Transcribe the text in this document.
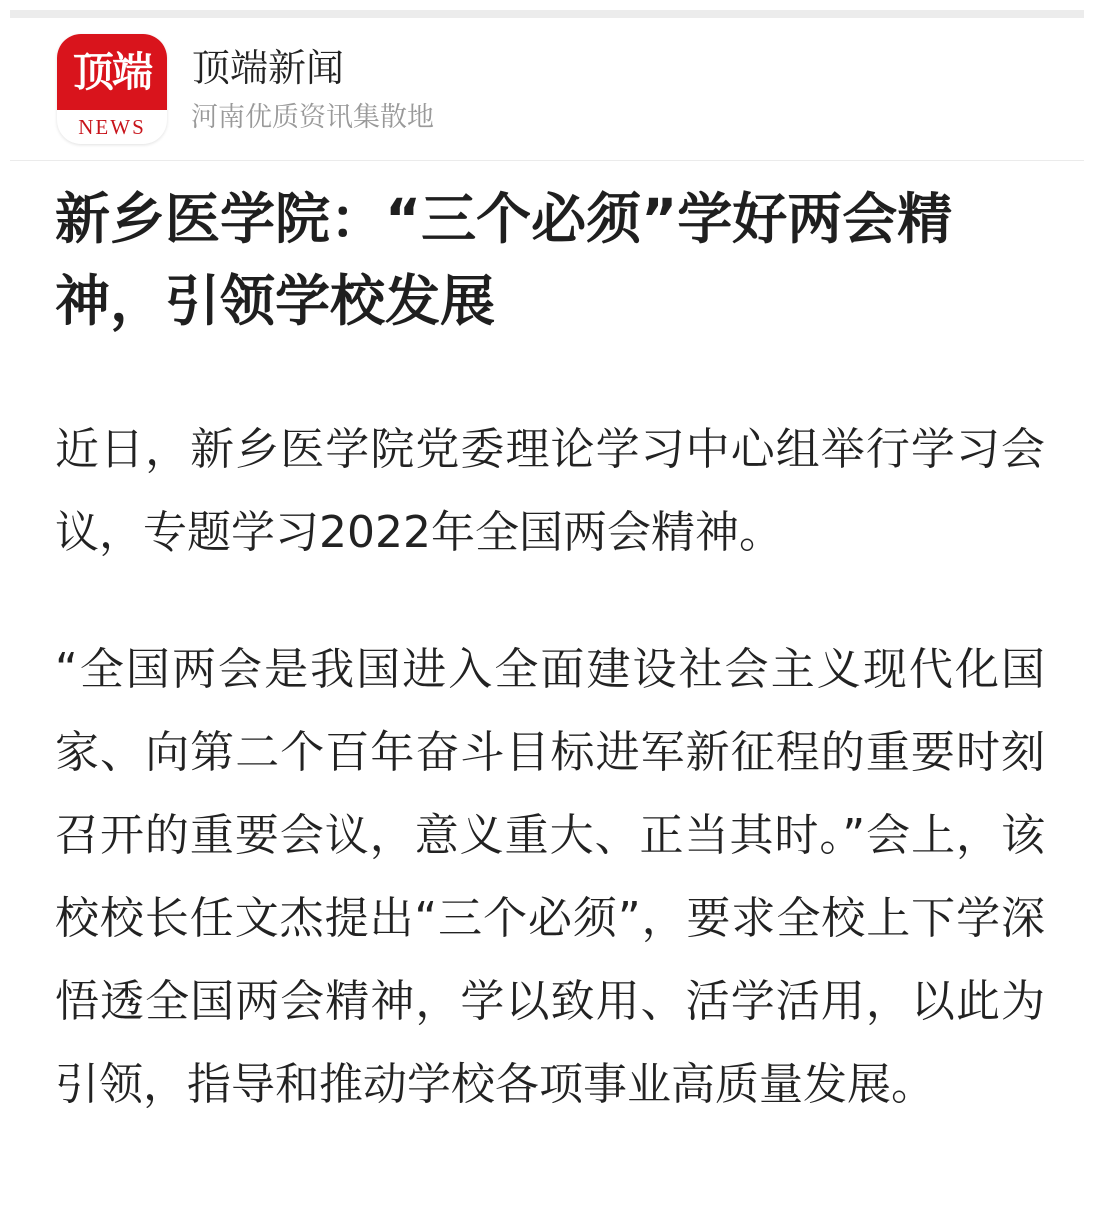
顶端
NEWS
顶端新闻
河南优质资讯集散地
新乡医学院：“三个必须”学好两会精神，引领学校发展

近日，新乡医学院党委理论学习中心组举行学习会议，专题学习2022年全国两会精神。

“全国两会是我国进入全面建设社会主义现代化国家、向第二个百年奋斗目标进军新征程的重要时刻召开的重要会议，意义重大、正当其时。”会上，该校校长任文杰提出“三个必须”，要求全校上下学深悟透全国两会精神，学以致用、活学活用，以此为引领，指导和推动学校各项事业高质量发展。
